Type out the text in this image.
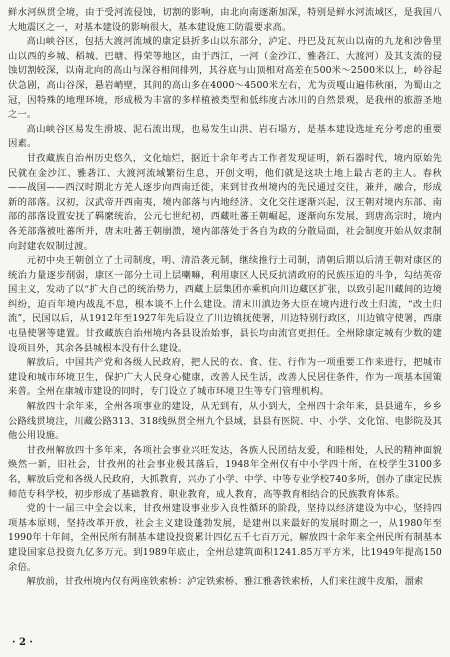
鲜水河纵贯全境，由于受河流侵蚀，切割的影响，由北向南逐渐加深，特别是鲜水河流域区，是我国八大地震区之一，对基本建设的影响很大，基本建设施工防震要求高。

高山峡谷区，包括大渡河流域的康定县折多山以东部分，泸定、丹巴及瓦灰山以南的九龙和沙鲁里山以西的乡城、稻城、巴塘、得荣等地区，由于西江，一河（金沙江、雅砻江、大渡河）及其支流的侵蚀切割较深，以南北向的高山与深谷相间排列，其谷底与山顶相对高差在500米～2500米以上，岭谷起伏急剧，高山谷深，悬岩峭壁，其间的高山多在4000～4500米左右，尤为贡嘎山遍伟秋丽，为蜀山之冠，因特殊的地理环境，形成极为丰富的多样植被类型和低纬度古冰川的自然景观，是我州的旅游圣地之一。

高山峡谷区易发生滑坡、泥石流出现，也易发生山洪、岩石塌方，是基本建设选址充分考虑的重要因素。

甘孜藏族自治州历史悠久，文化灿烂，据近十余年考古工作者发现证明，新石器时代，境内原始先民就在金沙江、雅砻江、大渡河流域繁衍生息，开创文明，他们就是这块土地上最古老的主人。春秋——战国——西汉时期北方羌人逐步向西南迁徙，来到甘孜州境内的先民通过交往，兼并，融合，形成新的部落。汉初，汉武帝开西南夷，境内部落与内地经济、文化交往逐渐兴起，汉王朝对境内东部、南部的部落设置安抚了羁縻统治，公元七世纪初，西藏吐蕃王朝崛起，逐渐向东发展，到唐高宗时，境内各羌部落被吐蕃所并，唐末吐蕃王朝崩溃，境内部落处于各自为政的分散局面，社会制度开始从奴隶制向封建农奴制过渡。

元初中央王朝创立了土司制度，明、清沿袭元制，继续推行土司制，清朝后期以后清王朝对康区的统治力量逐步削弱，康区一部分土司上层喇嘛，利用康区人民反抗清政府的民族压迫的斗争，勾结英帝国主义，发动了以“扩大自己的统治势力，西藏上层集团亦乘机向川边藏区扩张，以致引起川藏间的边境纠纷，迫百年境内战乱不息，根本谈不上什么建设。清末川滇边务大臣在境内进行改土归流，“改土归流”，民国以后，从1912年至1927年先后设立了川边镇抚使署，川边特别行政区，川边镇守使署，西康屯垦使署等建置。甘孜藏族自治州境内各县设治始事，县长均由流官更担任。全州除康定城有少数的建设项目外，其余各县城根本没有什么建设。

解放后，中国共产党和各级人民政府，把人民的衣、食、住、行作为一项重要工作来进行，把城市建设和城市环境卫生，保护广大人民身心健康，改善人民生活，改善人民居住条件，作为一项基本国策来普。全州在康城市建设的同时，专门设立了城市环境卫生等专门管理机构。

解放四十余年来，全州各项事业的建设，从无到有，从小到大，全州四十余年来，县县通车，乡乡公路线贯境注，川藏公路313、318线纵贯全州九个县域，县县有医院、中、小学、文化馆、电影院及其他公用设施。

甘孜州解放四十多年来，各项社会事业兴旺发达，各族人民团结友爱，和睦相处，人民的精神面貌焕然一新，旧社会，甘孜州的社会事业极其落后，1948年全州仅有中小学四十所，在校学生3100多名，解放后党和各级人民政府，大抓教育，兴办了小学、中学、中等专业学校740多所，创办了康定民族师范专科学校，初步形成了基础教育、职业教育，成人教育，高等教育相结合的民族教育体系。

党的十一届三中全会以来，甘孜州建设事业步入良性循环的阶段，坚持以经济建设为中心，坚持四项基本原则，坚持改革开放，社会主义建设蓬勃发展，是建州以来最好的发展时期之一，从1980年至1990年十年间，全州民所有制基本建设投资累计四亿五千七百万元，解放四十余年来全州民所有制基本建设国家总投资九亿多万元。到1989年底止，全州总建筑面积1241.85万平方米，比1949年提高150余倍。

解放前，甘孜州境内仅有两座铁索桥：泸定铁索桥、雅江雅砻铁索桥，人们来往渡牛皮船，溜索

· 2 ·
